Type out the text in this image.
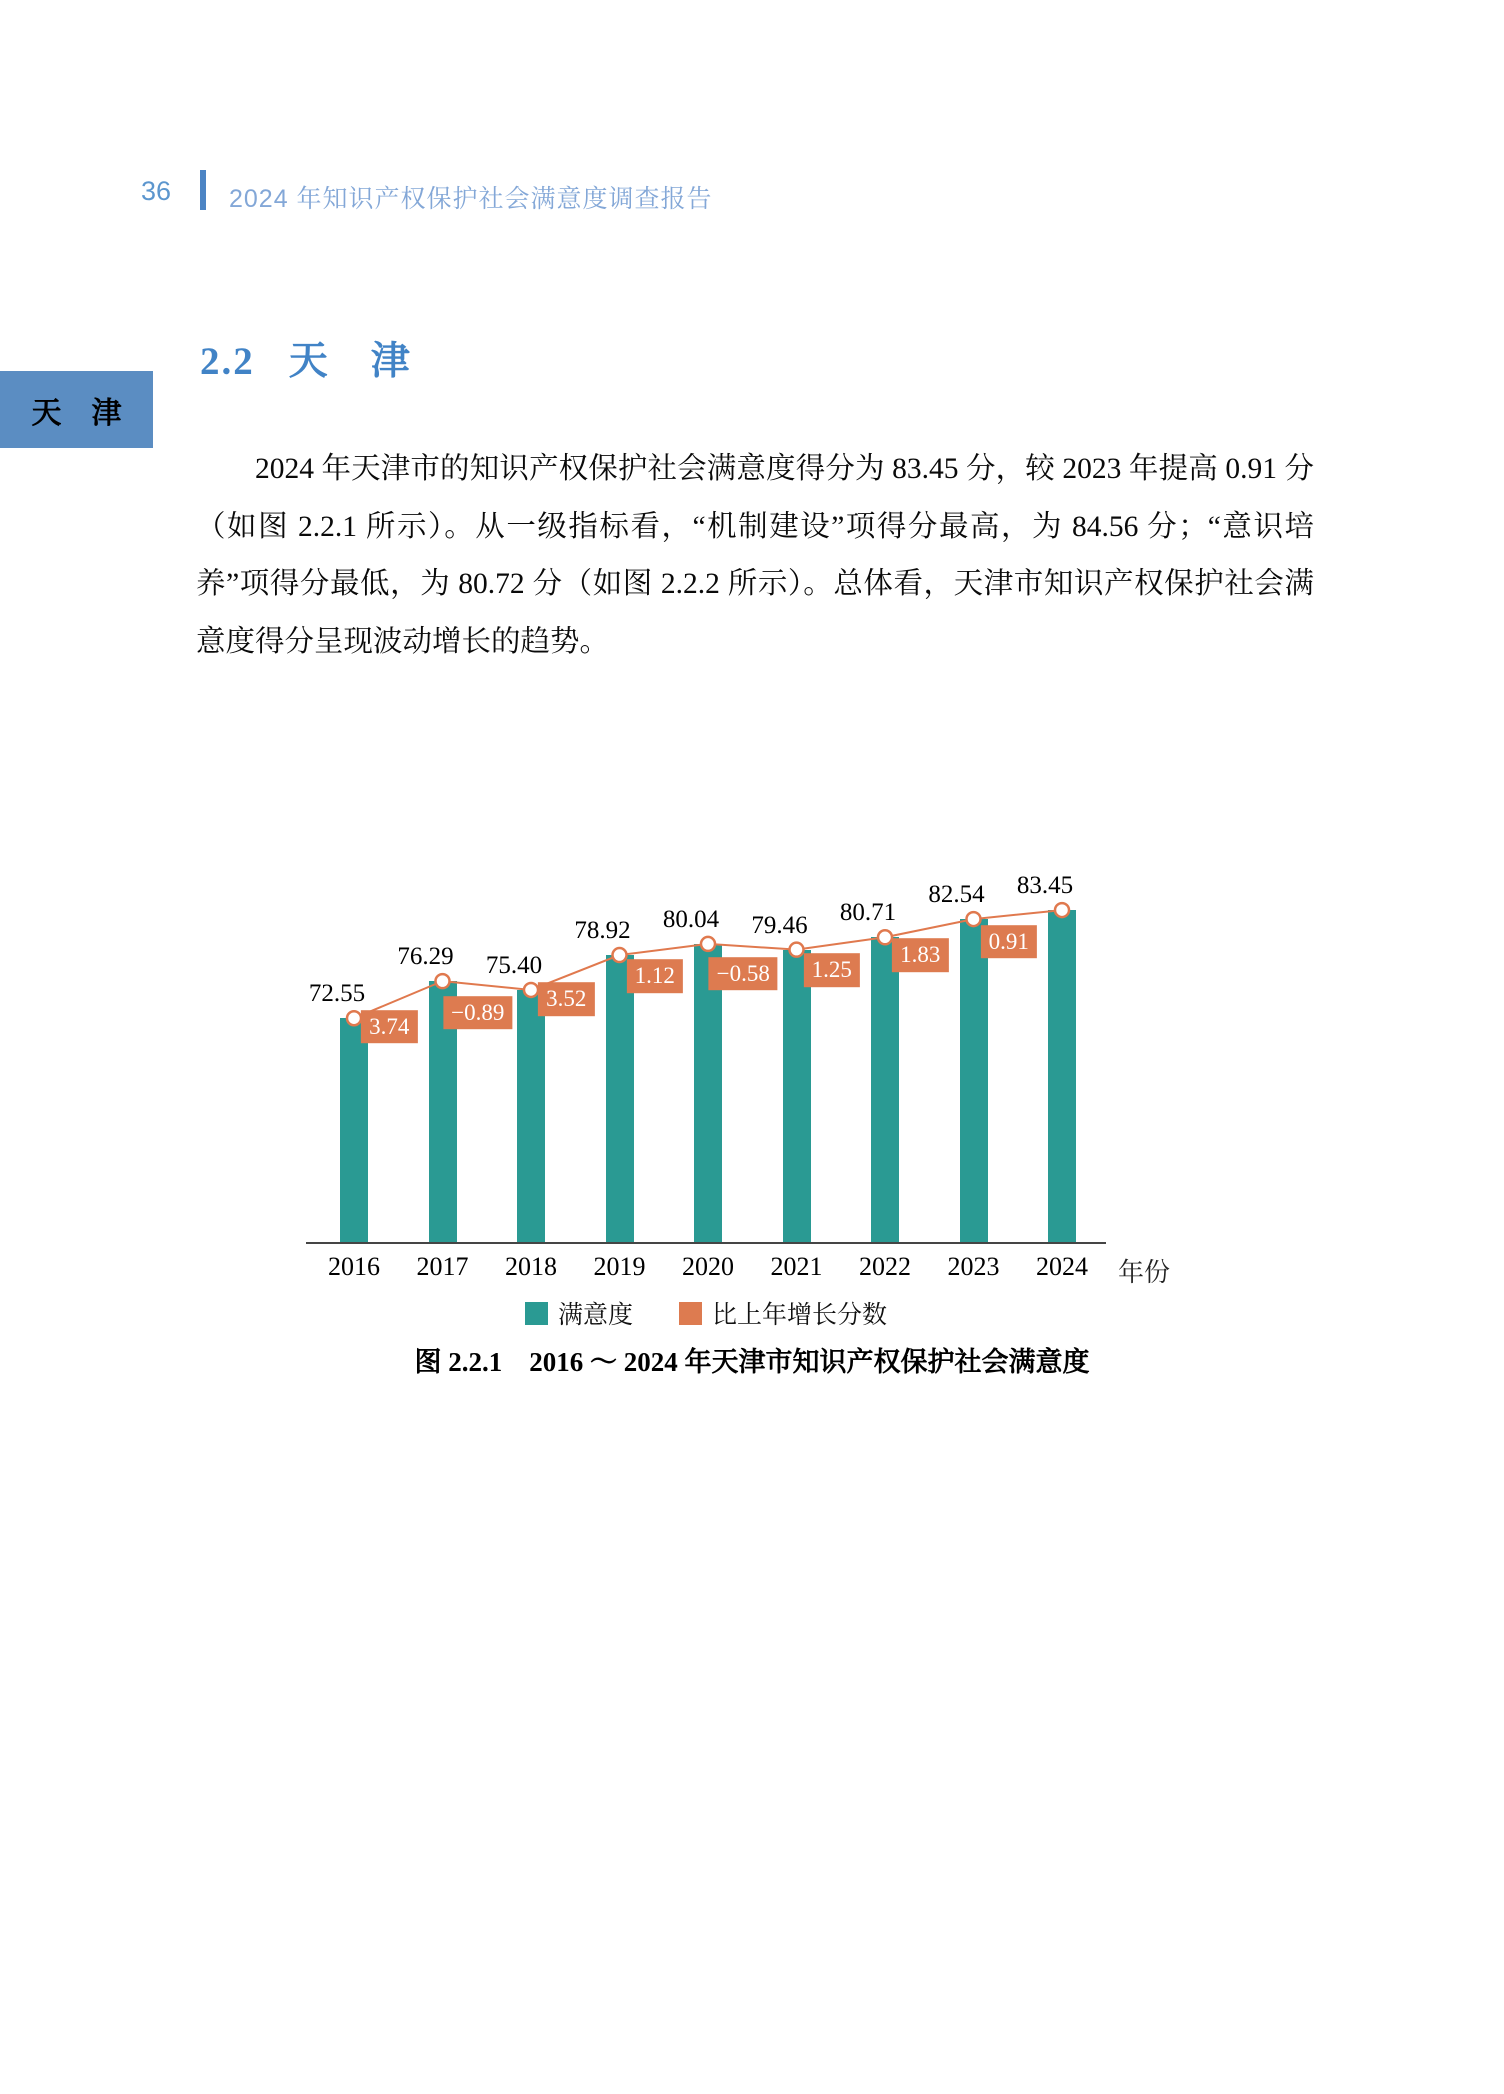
36 2024 年知识产权保护社会满意度调查报告
天　津
2.2 天　津
2024 年天津市的知识产权保护社会满意度得分为 83.45 分，较 2023 年提高 0.91 分（如图 2.2.1 所示）。从一级指标看，“机制建设”项得分最高，为 84.56 分；“意识培养”项得分最低，为 80.72 分（如图 2.2.2 所示）。总体看，天津市知识产权保护社会满意度得分呈现波动增长的趋势。
3.74
−0.89
3.52
1.12	−0.58	1.25
1.83
0.91
72.55
76.29	75.40
78.92	80.04	79.46	80.71
82.54	83.45
年份
满意度	比上年增长分数
2016	2017	2018	2019	2020	2021	2022	2023	2024
图 2.2.1　2016 ～ 2024 年天津市知识产权保护社会满意度
